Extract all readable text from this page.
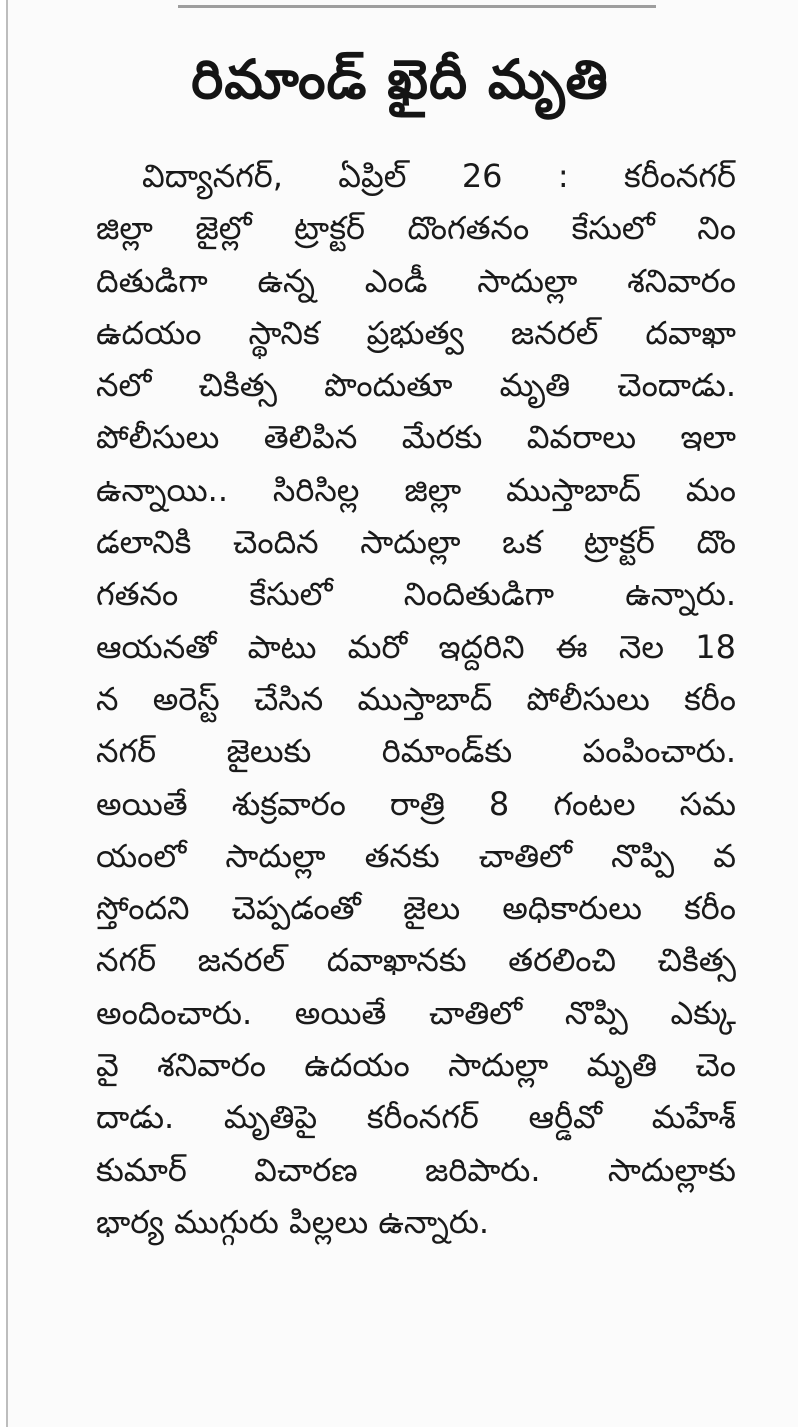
రిమాండ్ ఖైదీ మృతి
విద్యానగర్, ఏప్రిల్ 26 : కరీంనగర్
జిల్లా జైల్లో ట్రాక్టర్ దొంగతనం కేసులో నిం
దితుడిగా ఉన్న ఎండీ సాదుల్లా శనివారం
ఉదయం స్థానిక ప్రభుత్వ జనరల్ దవాఖా
నలో చికిత్స పొందుతూ మృతి చెందాడు.
పోలీసులు తెలిపిన మేరకు వివరాలు ఇలా
ఉన్నాయి.. సిరిసిల్ల జిల్లా ముస్తాబాద్ మం
డలానికి చెందిన సాదుల్లా ఒక ట్రాక్టర్ దొం
గతనం కేసులో నిందితుడిగా ఉన్నారు.
ఆయనతో పాటు మరో ఇద్దరిని ఈ నెల 18
న అరెస్ట్ చేసిన ముస్తాబాద్ పోలీసులు కరీం
నగర్ జైలుకు రిమాండ్‌కు పంపించారు.
అయితే శుక్రవారం రాత్రి 8 గంటల సమ
యంలో సాదుల్లా తనకు చాతిలో నొప్పి వ
స్తోందని చెప్పడంతో జైలు అధికారులు కరీం
నగర్ జనరల్ దవాఖానకు తరలించి చికిత్స
అందించారు. అయితే చాతిలో నొప్పి ఎక్కు
వై శనివారం ఉదయం సాదుల్లా మృతి చెం
దాడు. మృతిపై కరీంనగర్ ఆర్డీవో మహేశ్
కుమార్ విచారణ జరిపారు. సాదుల్లాకు
భార్య ముగ్గురు పిల్లలు ఉన్నారు.
